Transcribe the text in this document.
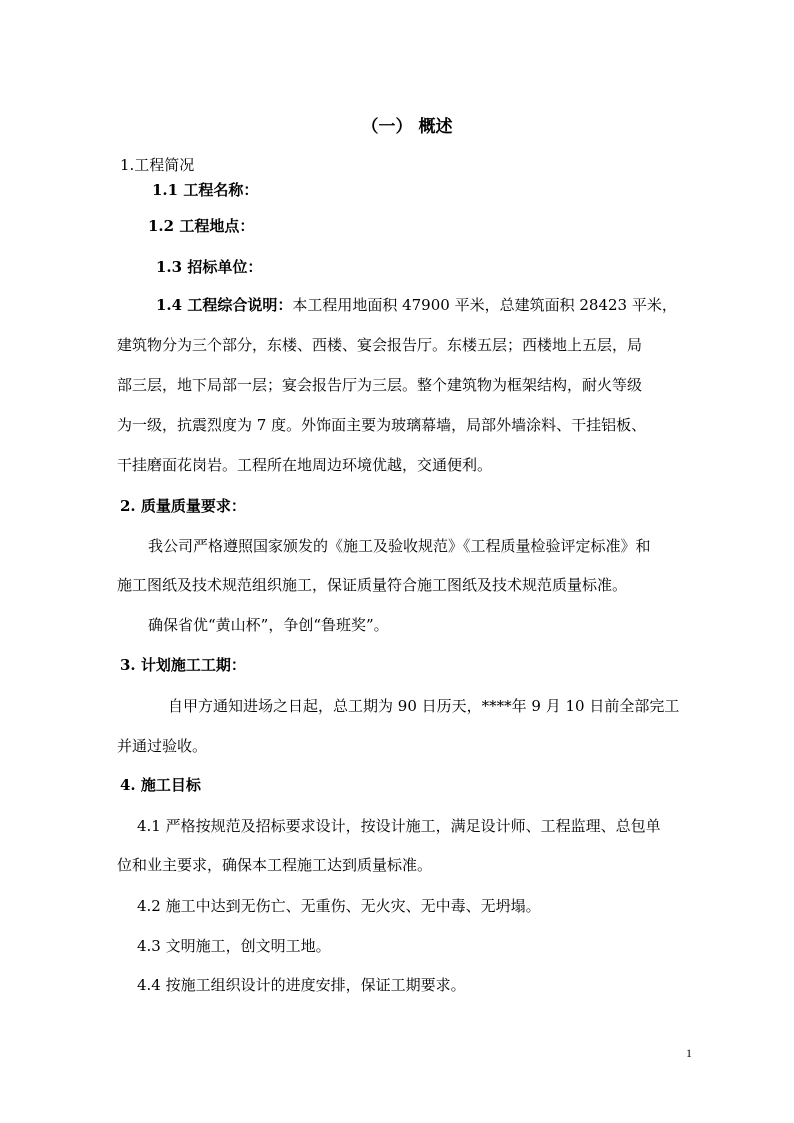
（一） 概述
1.工程简况
1.1 工程名称：
1.2 工程地点：
1.3 招标单位：
1.4 工程综合说明：本工程用地面积 47900 平米，总建筑面积 28423 平米，
建筑物分为三个部分，东楼、西楼、宴会报告厅。东楼五层；西楼地上五层，局
部三层，地下局部一层；宴会报告厅为三层。整个建筑物为框架结构，耐火等级
为一级，抗震烈度为 7 度。外饰面主要为玻璃幕墙，局部外墙涂料、干挂铝板、
干挂磨面花岗岩。工程所在地周边环境优越，交通便利。
2. 质量质量要求：
我公司严格遵照国家颁发的《施工及验收规范》《工程质量检验评定标准》和
施工图纸及技术规范组织施工，保证质量符合施工图纸及技术规范质量标准。
确保省优“黄山杯”，争创“鲁班奖”。
3. 计划施工工期：
自甲方通知进场之日起，总工期为 90 日历天，****年 9 月 10 日前全部完工
并通过验收。
4. 施工目标
4.1 严格按规范及招标要求设计，按设计施工，满足设计师、工程监理、总包单
位和业主要求，确保本工程施工达到质量标准。
4.2 施工中达到无伤亡、无重伤、无火灾、无中毒、无坍塌。
4.3 文明施工，创文明工地。
4.4 按施工组织设计的进度安排，保证工期要求。
1
